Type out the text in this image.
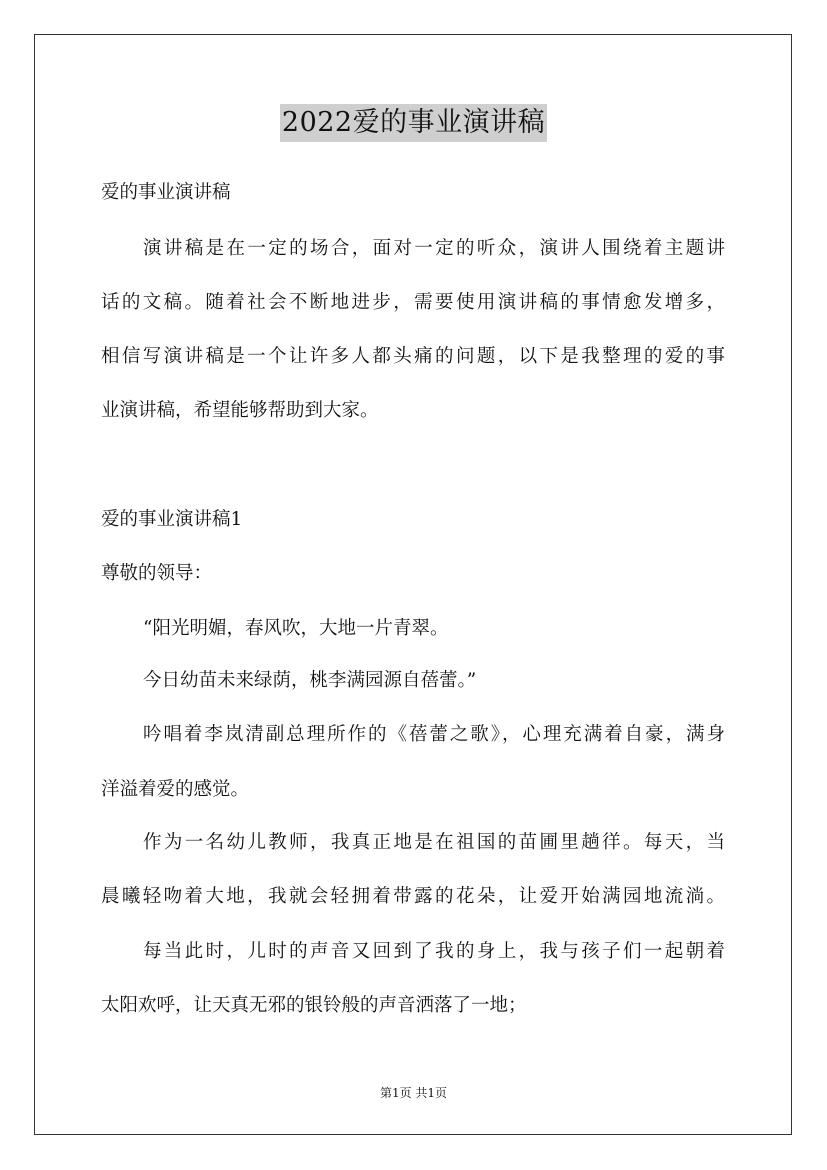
2022爱的事业演讲稿
爱的事业演讲稿
演讲稿是在一定的场合，面对一定的听众，演讲人围绕着主题讲
话的文稿。随着社会不断地进步，需要使用演讲稿的事情愈发增多，
相信写演讲稿是一个让许多人都头痛的问题，以下是我整理的爱的事
业演讲稿，希望能够帮助到大家。
爱的事业演讲稿1
尊敬的领导：
“阳光明媚，春风吹，大地一片青翠。
今日幼苗未来绿荫，桃李满园源自蓓蕾。”
吟唱着李岚清副总理所作的《蓓蕾之歌》，心理充满着自豪，满身
洋溢着爱的感觉。
作为一名幼儿教师，我真正地是在祖国的苗圃里趟徉。每天，当
晨曦轻吻着大地，我就会轻拥着带露的花朵，让爱开始满园地流淌。
每当此时，儿时的声音又回到了我的身上，我与孩子们一起朝着
太阳欢呼，让天真无邪的银铃般的声音洒落了一地；
第1页 共1页
